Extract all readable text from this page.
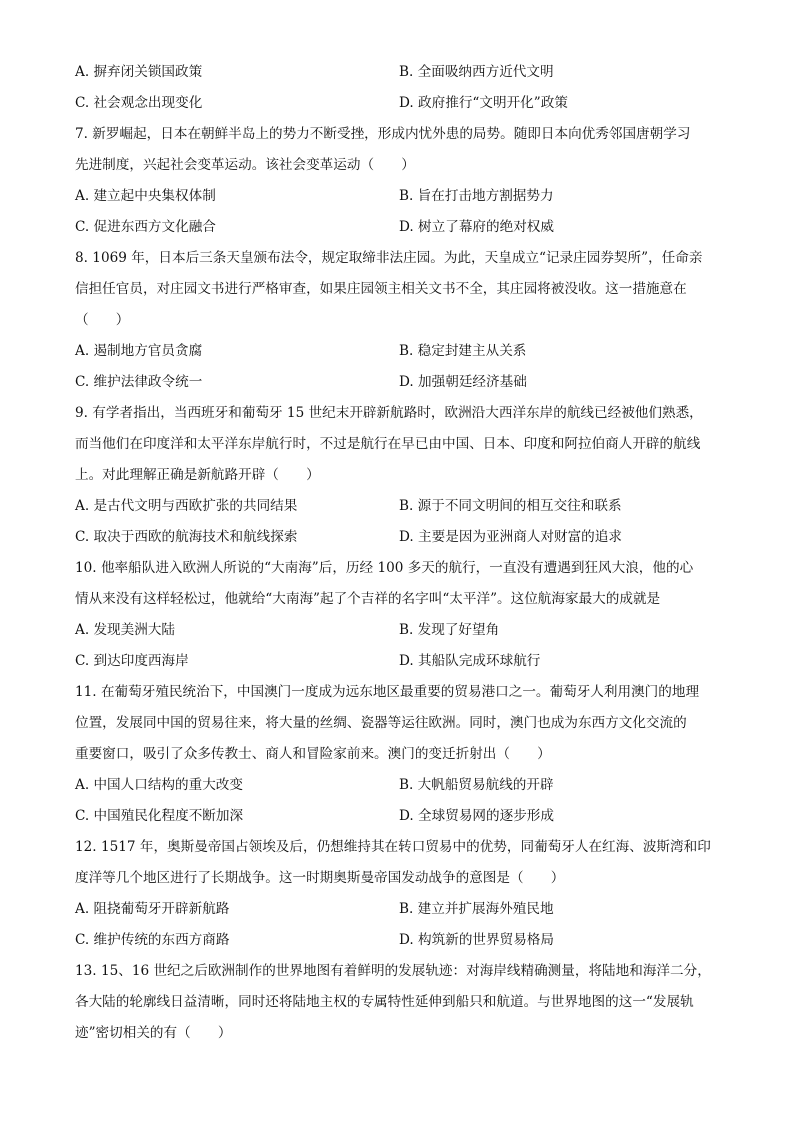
A. 摒弃闭关锁国政策	B. 全面吸纳西方近代文明
C. 社会观念出现变化	D. 政府推行“文明开化”政策
7. 新罗崛起，日本在朝鲜半岛上的势力不断受挫，形成内忧外患的局势。随即日本向优秀邻国唐朝学习
先进制度，兴起社会变革运动。该社会变革运动（　　）
A. 建立起中央集权体制	B. 旨在打击地方割据势力
C. 促进东西方文化融合	D. 树立了幕府的绝对权威
8. 1069 年，日本后三条天皇颁布法令，规定取缔非法庄园。为此，天皇成立“记录庄园券契所”，任命亲
信担任官员，对庄园文书进行严格审查，如果庄园领主相关文书不全，其庄园将被没收。这一措施意在
（　　）
A. 遏制地方官员贪腐	B. 稳定封建主从关系
C. 维护法律政令统一	D. 加强朝廷经济基础
9. 有学者指出，当西班牙和葡萄牙 15 世纪末开辟新航路时，欧洲沿大西洋东岸的航线已经被他们熟悉，
而当他们在印度洋和太平洋东岸航行时，不过是航行在早已由中国、日本、印度和阿拉伯商人开辟的航线
上。对此理解正确是新航路开辟（　　）
A. 是古代文明与西欧扩张的共同结果	B. 源于不同文明间的相互交往和联系
C. 取决于西欧的航海技术和航线探索	D. 主要是因为亚洲商人对财富的追求
10. 他率船队进入欧洲人所说的“大南海”后，历经 100 多天的航行，一直没有遭遇到狂风大浪，他的心
情从来没有这样轻松过，他就给“大南海”起了个吉祥的名字叫“太平洋”。这位航海家最大的成就是
A. 发现美洲大陆	B. 发现了好望角
C. 到达印度西海岸	D. 其船队完成环球航行
11. 在葡萄牙殖民统治下，中国澳门一度成为远东地区最重要的贸易港口之一。葡萄牙人利用澳门的地理
位置，发展同中国的贸易往来，将大量的丝绸、瓷器等运往欧洲。同时，澳门也成为东西方文化交流的
重要窗口，吸引了众多传教士、商人和冒险家前来。澳门的变迁折射出（　　）
A. 中国人口结构的重大改变	B. 大帆船贸易航线的开辟
C. 中国殖民化程度不断加深	D. 全球贸易网的逐步形成
12. 1517 年，奥斯曼帝国占领埃及后，仍想维持其在转口贸易中的优势，同葡萄牙人在红海、波斯湾和印
度洋等几个地区进行了长期战争。这一时期奥斯曼帝国发动战争的意图是（　　）
A. 阻挠葡萄牙开辟新航路	B. 建立并扩展海外殖民地
C. 维护传统的东西方商路	D. 构筑新的世界贸易格局
13. 15、16 世纪之后欧洲制作的世界地图有着鲜明的发展轨迹：对海岸线精确测量，将陆地和海洋二分，
各大陆的轮廓线日益清晰，同时还将陆地主权的专属特性延伸到船只和航道。与世界地图的这一“发展轨
迹”密切相关的有（　　）
